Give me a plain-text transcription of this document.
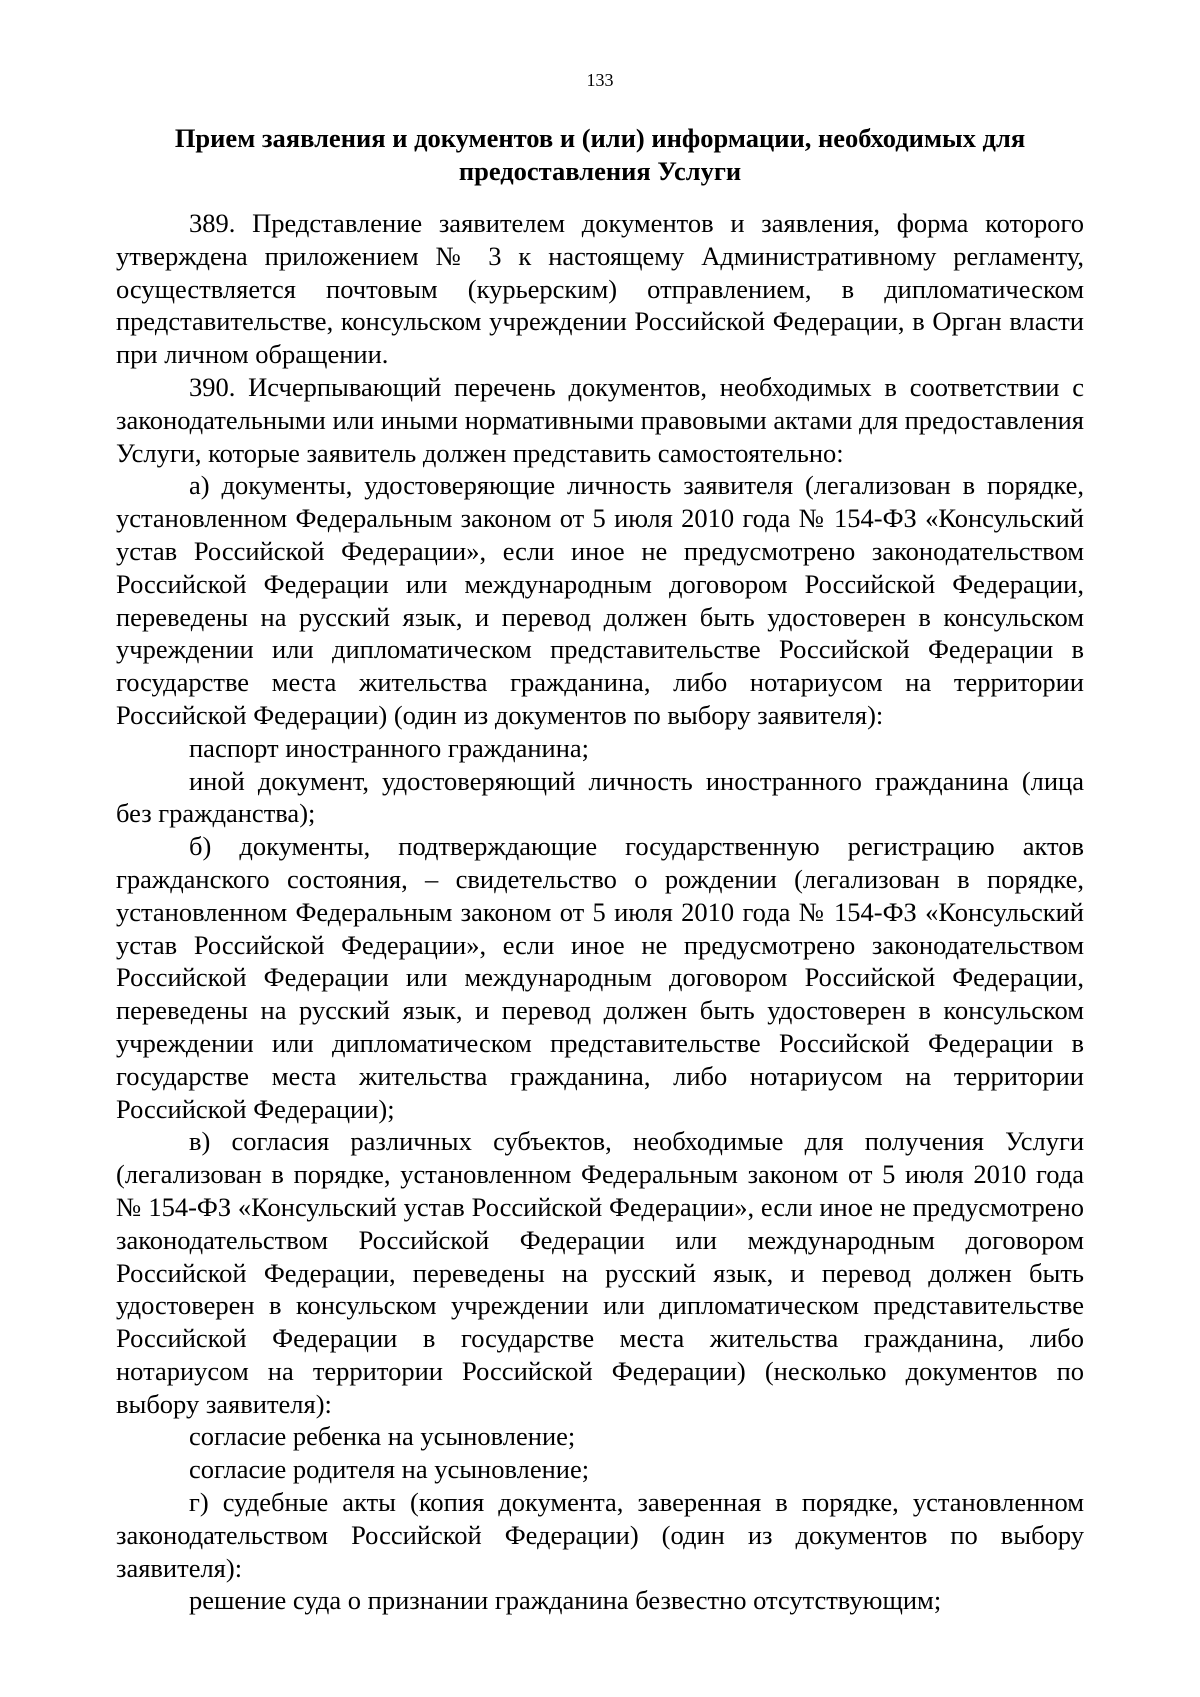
133
Прием заявления и документов и (или) информации, необходимых для
предоставления Услуги

389. Представление заявителем документов и заявления, форма которого утверждена приложением № 3 к настоящему Административному регламенту, осуществляется почтовым (курьерским) отправлением, в дипломатическом представительстве, консульском учреждении Российской Федерации, в Орган власти при личном обращении.

390. Исчерпывающий перечень документов, необходимых в соответствии с законодательными или иными нормативными правовыми актами для предоставления Услуги, которые заявитель должен представить самостоятельно:

а) документы, удостоверяющие личность заявителя (легализован в порядке, установленном Федеральным законом от 5 июля 2010 года № 154-ФЗ «Консульский устав Российской Федерации», если иное не предусмотрено законодательством Российской Федерации или международным договором Российской Федерации, переведены на русский язык, и перевод должен быть удостоверен в консульском учреждении или дипломатическом представительстве Российской Федерации в государстве места жительства гражданина, либо нотариусом на территории Российской Федерации) (один из документов по выбору заявителя):

паспорт иностранного гражданина;

иной документ, удостоверяющий личность иностранного гражданина (лица без гражданства);

б) документы, подтверждающие государственную регистрацию актов гражданского состояния, – свидетельство о рождении (легализован в порядке, установленном Федеральным законом от 5 июля 2010 года № 154-ФЗ «Консульский устав Российской Федерации», если иное не предусмотрено законодательством Российской Федерации или международным договором Российской Федерации, переведены на русский язык, и перевод должен быть удостоверен в консульском учреждении или дипломатическом представительстве Российской Федерации в государстве места жительства гражданина, либо нотариусом на территории Российской Федерации);

в) согласия различных субъектов, необходимые для получения Услуги (легализован в порядке, установленном Федеральным законом от 5 июля 2010 года № 154-ФЗ «Консульский устав Российской Федерации», если иное не предусмотрено законодательством Российской Федерации или международным договором Российской Федерации, переведены на русский язык, и перевод должен быть удостоверен в консульском учреждении или дипломатическом представительстве Российской Федерации в государстве места жительства гражданина, либо нотариусом на территории Российской Федерации) (несколько документов по выбору заявителя):

согласие ребенка на усыновление;

согласие родителя на усыновление;

г) судебные акты (копия документа, заверенная в порядке, установленном законодательством Российской Федерации) (один из документов по выбору заявителя):

решение суда о признании гражданина безвестно отсутствующим;
